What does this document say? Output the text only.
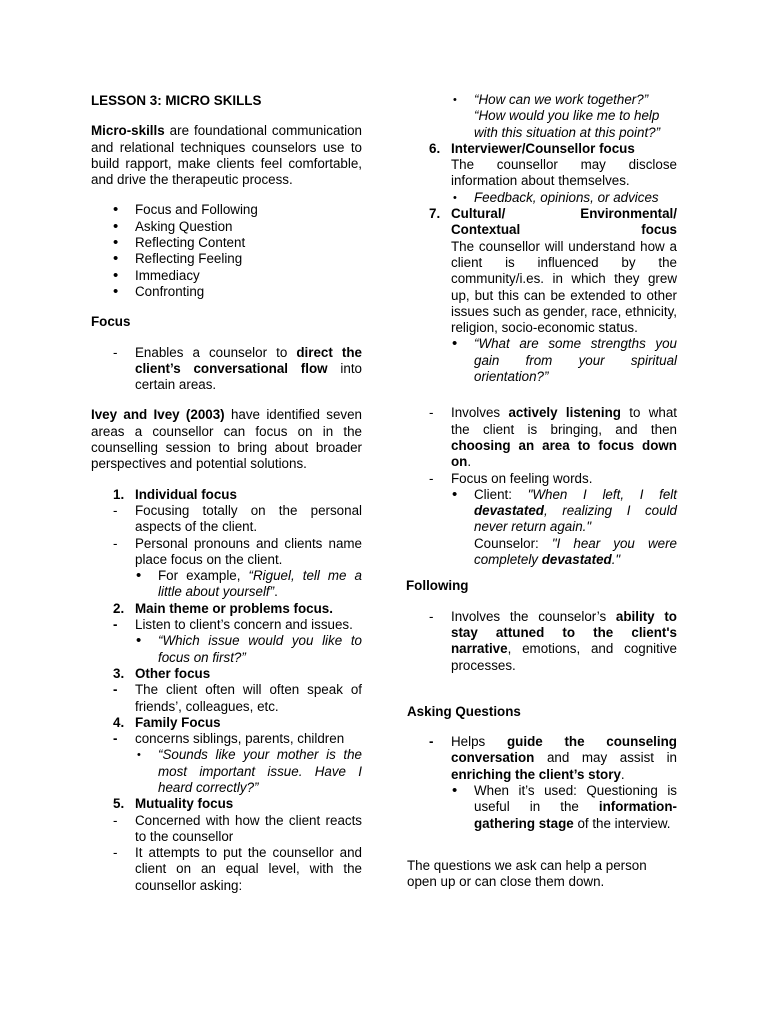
LESSON 3: MICRO SKILLS

Micro-skills are foundational communication and relational techniques counselors use to build rapport, make clients feel comfortable, and drive the therapeutic process.

• Focus and Following
• Asking Question
• Reflecting Content
• Reflecting Feeling
• Immediacy
• Confronting

Focus

- Enables a counselor to direct the client’s conversational flow into certain areas.

Ivey and Ivey (2003) have identified seven areas a counsellor can focus on in the counselling session to bring about broader perspectives and potential solutions.

1. Individual focus

- Focusing totally on the personal aspects of the client.

- Personal pronouns and clients name place focus on the client.

• For example, “Riguel, tell me a little about yourself”.

2. Main theme or problems focus.

- Listen to client’s concern and issues.

• “Which issue would you like to focus on first?”

3. Other focus

- The client often will often speak of friends’, colleagues, etc.

4. Family Focus

- concerns siblings, parents, children

• “Sounds like your mother is the most important issue. Have I heard correctly?”

5. Mutuality focus

- Concerned with how the client reacts to the counsellor

- It attempts to put the counsellor and client on an equal level, with the counsellor asking:

• “How can we work together?”
“How would you like me to help with this situation at this point?”

6. Interviewer/Counsellor focus

The counsellor may disclose information about themselves.

• Feedback, opinions, or advices

7. Cultural/ Environmental/ Contextual focus

The counsellor will understand how a client is influenced by the community/i.es. in which they grew up, but this can be extended to other issues such as gender, race, ethnicity, religion, socio-economic status.

• “What are some strengths you gain from your spiritual orientation?”

- Involves actively listening to what the client is bringing, and then choosing an area to focus down on.

- Focus on feeling words.

• Client: "When I left, I felt devastated, realizing I could never return again."

Counselor: "I hear you were completely devastated."

Following

- Involves the counselor’s ability to stay attuned to the client's narrative, emotions, and cognitive processes.

Asking Questions

- Helps guide the counseling conversation and may assist in enriching the client’s story.

• When it’s used: Questioning is useful in the information-gathering stage of the interview.

The questions we ask can help a person open up or can close them down.
